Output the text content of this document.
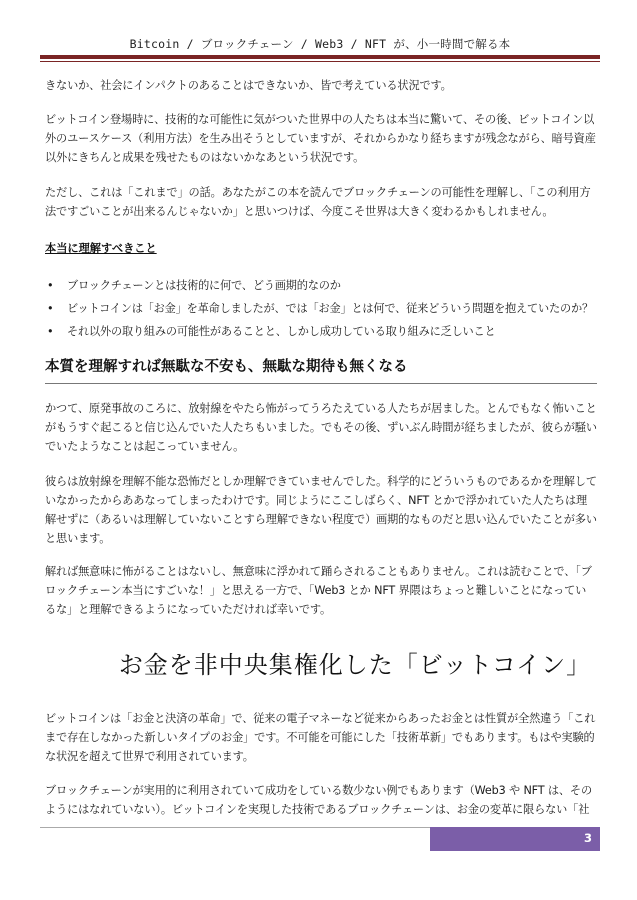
Bitcoin / ブロックチェーン / Web3 / NFT が、小一時間で解る本

きないか、社会にインパクトのあることはできないか、皆で考えている状況です。

ビットコイン登場時に、技術的な可能性に気がついた世界中の人たちは本当に驚いて、その後、ビットコイン以外のユースケース（利用方法）を生み出そうとしていますが、それからかなり経ちますが残念ながら、暗号資産以外にきちんと成果を残せたものはないかなあという状況です。

ただし、これは「これまで」の話。あなたがこの本を読んでブロックチェーンの可能性を理解し、「この利用方法ですごいことが出来るんじゃないか」と思いつけば、今度こそ世界は大きく変わるかもしれません。

本当に理解すべきこと
• ブロックチェーンとは技術的に何で、どう画期的なのか
• ビットコインは「お金」を革命しましたが、では「お金」とは何で、従来どういう問題を抱えていたのか？
• それ以外の取り組みの可能性があることと、しかし成功している取り組みに乏しいこと
本質を理解すれば無駄な不安も、無駄な期待も無くなる

かつて、原発事故のころに、放射線をやたら怖がってうろたえている人たちが居ました。とんでもなく怖いことがもうすぐ起こると信じ込んでいた人たちもいました。でもその後、ずいぶん時間が経ちましたが、彼らが騒いでいたようなことは起こっていません。

彼らは放射線を理解不能な恐怖だとしか理解できていませんでした。科学的にどういうものであるかを理解していなかったからああなってしまったわけです。同じようにここしばらく、NFT とかで浮かれていた人たちは理解せずに（あるいは理解していないことすら理解できない程度で）画期的なものだと思い込んでいたことが多いと思います。

解れば無意味に怖がることはないし、無意味に浮かれて踊らされることもありません。これは読むことで、「ブロックチェーン本当にすごいな！」と思える一方で、「Web3 とか NFT 界隈はちょっと難しいことになっているな」と理解できるようになっていただければ幸いです。

お金を非中央集権化した「ビットコイン」

ビットコインは「お金と決済の革命」で、従来の電子マネーなど従来からあったお金とは性質が全然違う「これまで存在しなかった新しいタイプのお金」です。不可能を可能にした「技術革新」でもあります。もはや実験的な状況を超えて世界で利用されています。

ブロックチェーンが実用的に利用されていて成功をしている数少ない例でもあります（Web3 や NFT は、そのようにはなれていない）。ビットコインを実現した技術であるブロックチェーンは、お金の変革に限らない「社

3
